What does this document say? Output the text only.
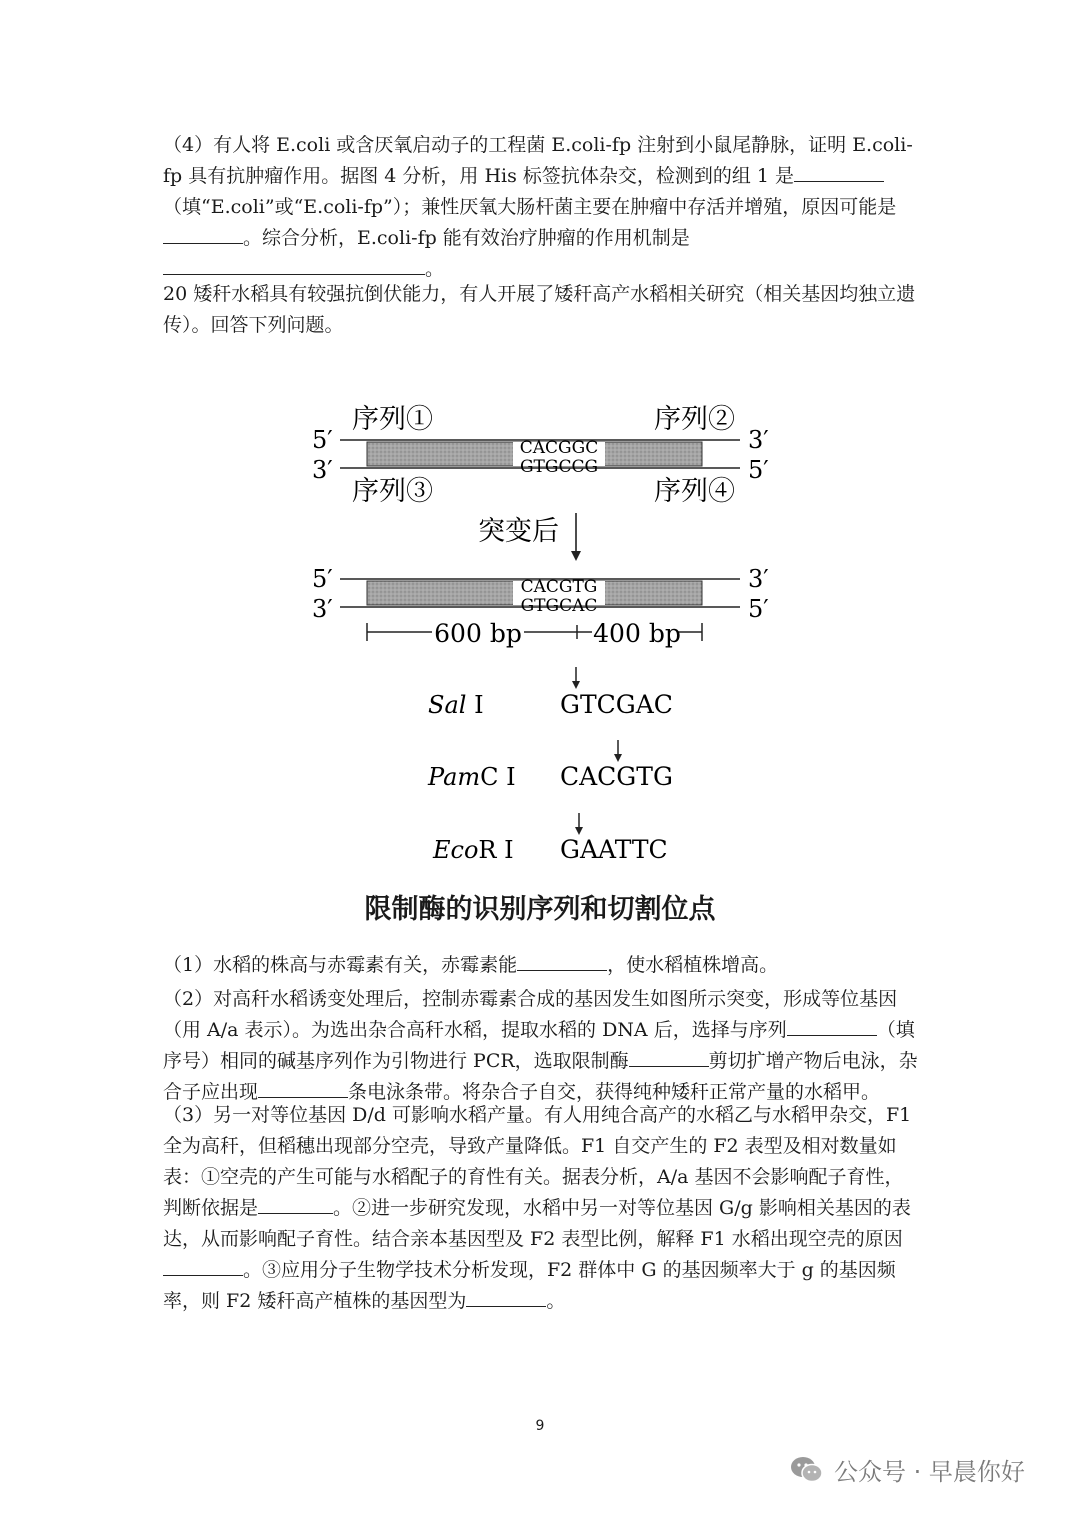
（4）有人将 E.coli 或含厌氧启动子的工程菌 E.coli-fp 注射到小鼠尾静脉，证明 E.coli-fp 具有抗肿瘤作用。据图 4 分析，用 His 标签抗体杂交，检测到的组 1 是（填“E.coli”或“E.coli-fp”）；兼性厌氧大肠杆菌主要在肿瘤中存活并增殖，原因可能是。综合分析，E.coli-fp 能有效治疗肿瘤的作用机制是。
20 矮秆水稻具有较强抗倒伏能力，有人开展了矮秆高产水稻相关研究（相关基因均独立遗传）。回答下列问题。
序列①	序列②
5′
3′
3′
5′
CACGGC
GTGCCG
序列③	序列④
突变后
5′
3′
3′
5′
CACGTG
GTGCAC
600 bp	400 bp
Sal I	GTCGAC
PamC I CACGTG
EcoR I GAATTC
限制酶的识别序列和切割位点
（1）水稻的株高与赤霉素有关，赤霉素能	，使水稻植株增高。
（2）对高秆水稻诱变处理后，控制赤霉素合成的基因发生如图所示突变，形成等位基因（用 A/a 表示）。为选出杂合高秆水稻，提取水稻的 DNA 后，选择与序列	（填序号）相同的碱基序列作为引物进行 PCR，选取限制酶	剪切扩增产物后电泳，杂合子应出现	条电泳条带。将杂合子自交，获得纯种矮秆正常产量的水稻甲。
（3）另一对等位基因 D/d 可影响水稻产量。有人用纯合高产的水稻乙与水稻甲杂交，F1 全为高秆，但稻穗出现部分空壳，导致产量降低。F1 自交产生的 F2 表型及相对数量如表：①空壳的产生可能与水稻配子的育性有关。据表分析，A/a 基因不会影响配子育性，判断依据是	。②进一步研究发现，水稻中另一对等位基因 G/g 影响相关基因的表达，从而影响配子育性。结合亲本基因型及 F2 表型比例，解释 F1 水稻出现空壳的原因。③应用分子生物学技术分析发现，F2 群体中 G 的基因频率大于 g 的基因频率，则 F2 矮秆高产植株的基因型为	。
9
公众号 · 早晨你好
